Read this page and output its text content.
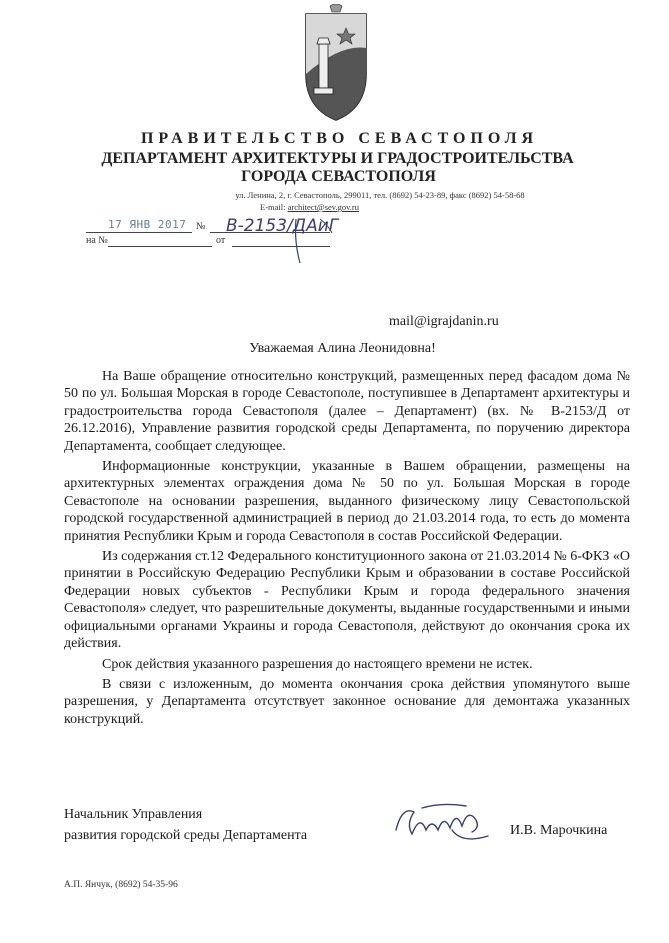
ПРАВИТЕЛЬСТВО СЕВАСТОПОЛЯ
ДЕПАРТАМЕНТ АРХИТЕКТУРЫ И ГРАДОСТРОИТЕЛЬСТВА
ГОРОДА СЕВАСТОПОЛЯ
ул. Ленина, 2, г. Севастополь, 299011, тел. (8692) 54-23-89, факс (8692) 54-58-68
E-mail: architect@sev.gov.ru
17 ЯНВ 2017 № В-2153/ДАиГ
на №	от
mail@igrajdanin.ru
Уважаемая Алина Леонидовна!

На Ваше обращение относительно конструкций, размещенных перед фасадом дома № 50 по ул. Большая Морская в городе Севастополе, поступившее в Департамент архитектуры и градостроительства города Севастополя (далее – Департамент) (вх. № В-2153/Д от 26.12.2016), Управление развития городской среды Департамента, по поручению директора Департамента, сообщает следующее.

Информационные конструкции, указанные в Вашем обращении, размещены на архитектурных элементах ограждения дома № 50 по ул. Большая Морская в городе Севастополе на основании разрешения, выданного физическому лицу Севастопольской городской государственной администрацией в период до 21.03.2014 года, то есть до момента принятия Республики Крым и города Севастополя в состав Российской Федерации.

Из содержания ст.12 Федерального конституционного закона от 21.03.2014 № 6-ФКЗ «О принятии в Российскую Федерацию Республики Крым и образовании в составе Российской Федерации новых субъектов - Республики Крым и города федерального значения Севастополя» следует, что разрешительные документы, выданные государственными и иными официальными органами Украины и города Севастополя, действуют до окончания срока их действия.

Срок действия указанного разрешения до настоящего времени не истек.

В связи с изложенным, до момента окончания срока действия упомянутого выше разрешения, у Департамента отсутствует законное основание для демонтажа указанных конструкций.

Начальник Управления
развития городской среды Департамента	И.В. Марочкина
А.П. Янчук, (8692) 54-35-96
